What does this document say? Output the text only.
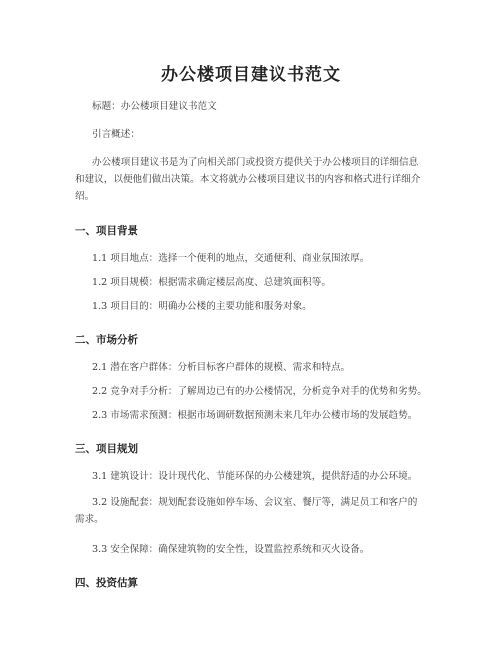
办公楼项目建议书范文
标题：办公楼项目建议书范文
引言概述：
办公楼项目建议书是为了向相关部门或投资方提供关于办公楼项目的详细信息
和建议，以便他们做出决策。本文将就办公楼项目建议书的内容和格式进行详细介
绍。
一、项目背景
1.1 项目地点：选择一个便利的地点，交通便利、商业氛围浓厚。
1.2 项目规模：根据需求确定楼层高度、总建筑面积等。
1.3 项目目的：明确办公楼的主要功能和服务对象。
二、市场分析
2.1 潜在客户群体：分析目标客户群体的规模、需求和特点。
2.2 竞争对手分析：了解周边已有的办公楼情况，分析竞争对手的优势和劣势。
2.3 市场需求预测：根据市场调研数据预测未来几年办公楼市场的发展趋势。
三、项目规划
3.1 建筑设计：设计现代化、节能环保的办公楼建筑，提供舒适的办公环境。
3.2 设施配套：规划配套设施如停车场、会议室、餐厅等，满足员工和客户的
需求。
3.3 安全保障：确保建筑物的安全性，设置监控系统和灭火设备。
四、投资估算
